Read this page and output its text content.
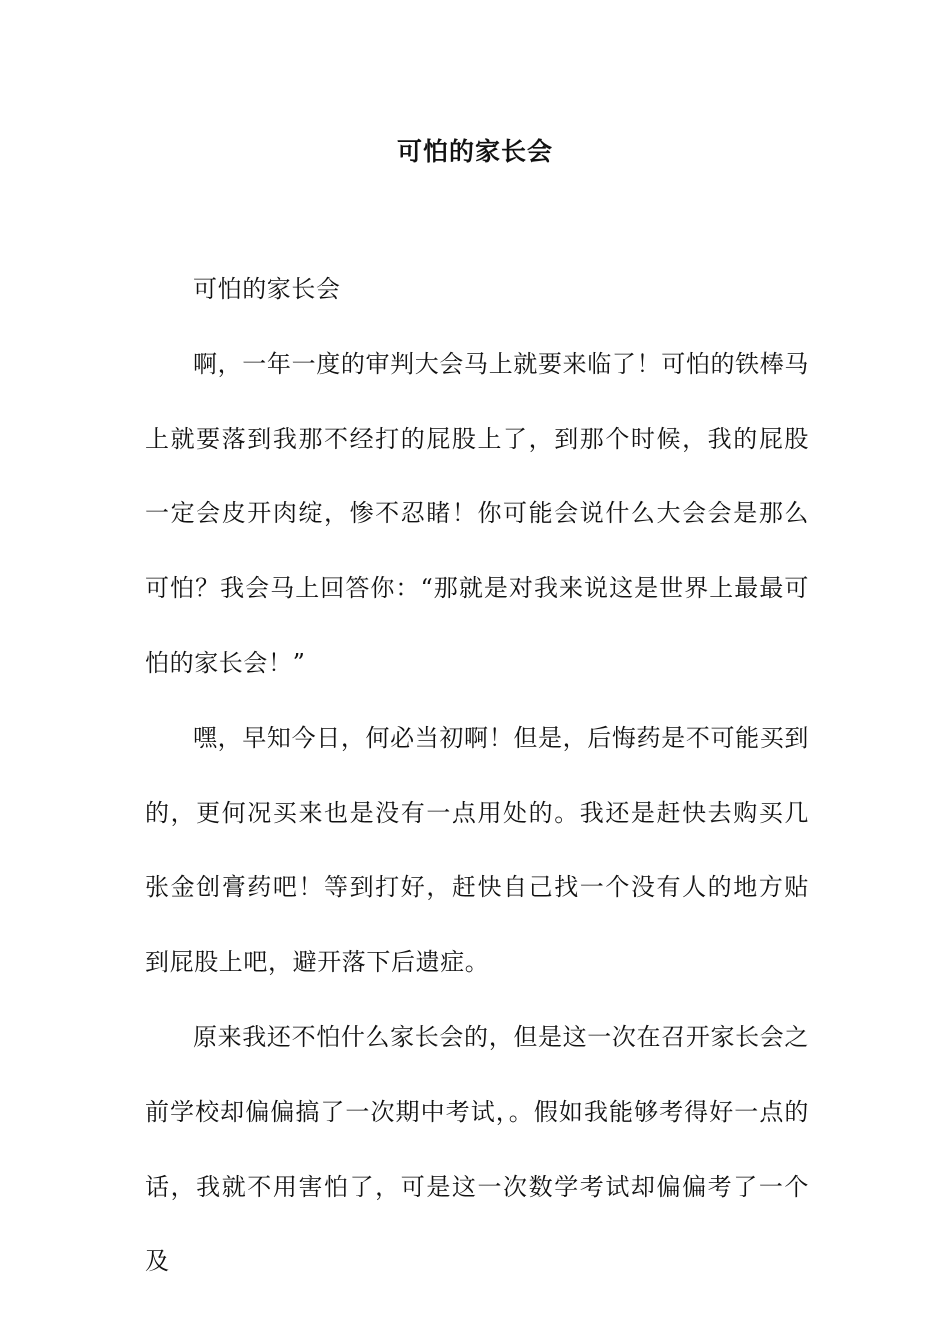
可怕的家长会

可怕的家长会

啊，一年一度的审判大会马上就要来临了！可怕的铁棒马上就要落到我那不经打的屁股上了，到那个时候，我的屁股一定会皮开肉绽，惨不忍睹！你可能会说什么大会会是那么可怕？我会马上回答你：“那就是对我来说这是世界上最最可怕的家长会！”

嘿，早知今日，何必当初啊！但是，后悔药是不可能买到的，更何况买来也是没有一点用处的。我还是赶快去购买几张金创膏药吧！等到打好，赶快自己找一个没有人的地方贴到屁股上吧，避开落下后遗症。

原来我还不怕什么家长会的，但是这一次在召开家长会之前学校却偏偏搞了一次期中考试，。假如我能够考得好一点的话，我就不用害怕了，可是这一次数学考试却偏偏考了一个及
